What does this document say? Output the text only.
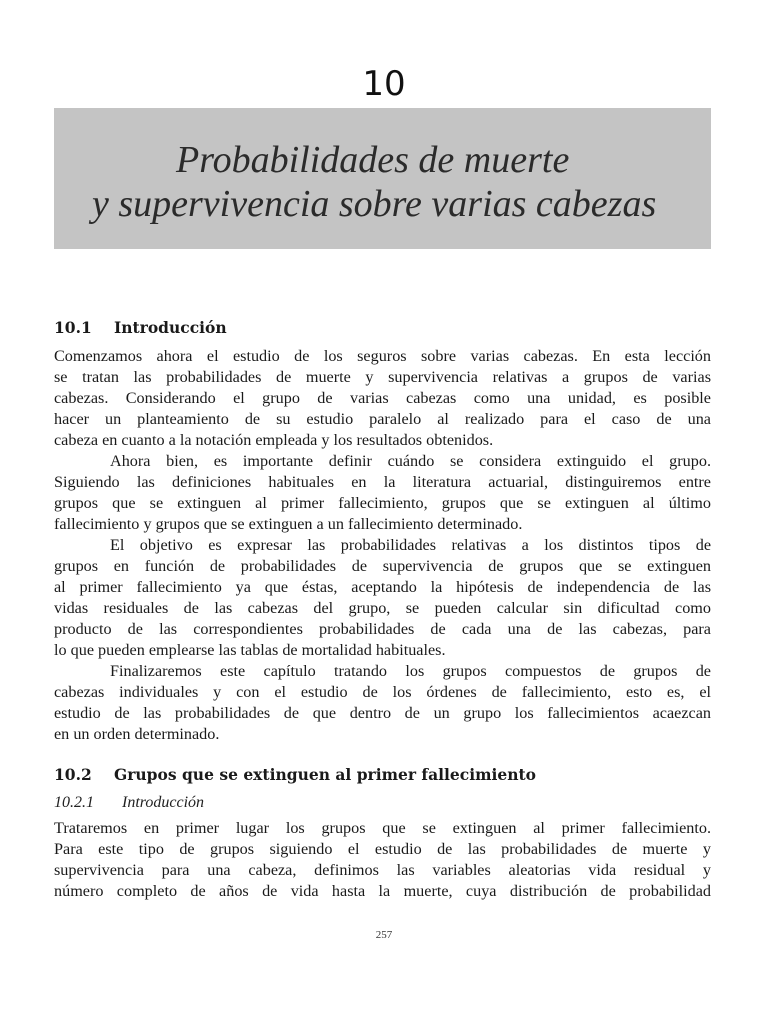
10
Probabilidades de muerte
y supervivencia sobre varias cabezas
10.1 Introducción
Comenzamos ahora el estudio de los seguros sobre varias cabezas. En esta lección
se tratan las probabilidades de muerte y supervivencia relativas a grupos de varias
cabezas. Considerando el grupo de varias cabezas como una unidad, es posible
hacer un planteamiento de su estudio paralelo al realizado para el caso de una
cabeza en cuanto a la notación empleada y los resultados obtenidos.
Ahora bien, es importante definir cuándo se considera extinguido el grupo.
Siguiendo las definiciones habituales en la literatura actuarial, distinguiremos entre
grupos que se extinguen al primer fallecimiento, grupos que se extinguen al último
fallecimiento y grupos que se extinguen a un fallecimiento determinado.
El objetivo es expresar las probabilidades relativas a los distintos tipos de
grupos en función de probabilidades de supervivencia de grupos que se extinguen
al primer fallecimiento ya que éstas, aceptando la hipótesis de independencia de las
vidas residuales de las cabezas del grupo, se pueden calcular sin dificultad como
producto de las correspondientes probabilidades de cada una de las cabezas, para
lo que pueden emplearse las tablas de mortalidad habituales.
Finalizaremos este capítulo tratando los grupos compuestos de grupos de
cabezas individuales y con el estudio de los órdenes de fallecimiento, esto es, el
estudio de las probabilidades de que dentro de un grupo los fallecimientos acaezcan
en un orden determinado.
10.2 Grupos que se extinguen al primer fallecimiento
10.2.1 Introducción
Trataremos en primer lugar los grupos que se extinguen al primer fallecimiento.
Para este tipo de grupos siguiendo el estudio de las probabilidades de muerte y
supervivencia para una cabeza, definimos las variables aleatorias vida residual y
número completo de años de vida hasta la muerte, cuya distribución de probabilidad
257
